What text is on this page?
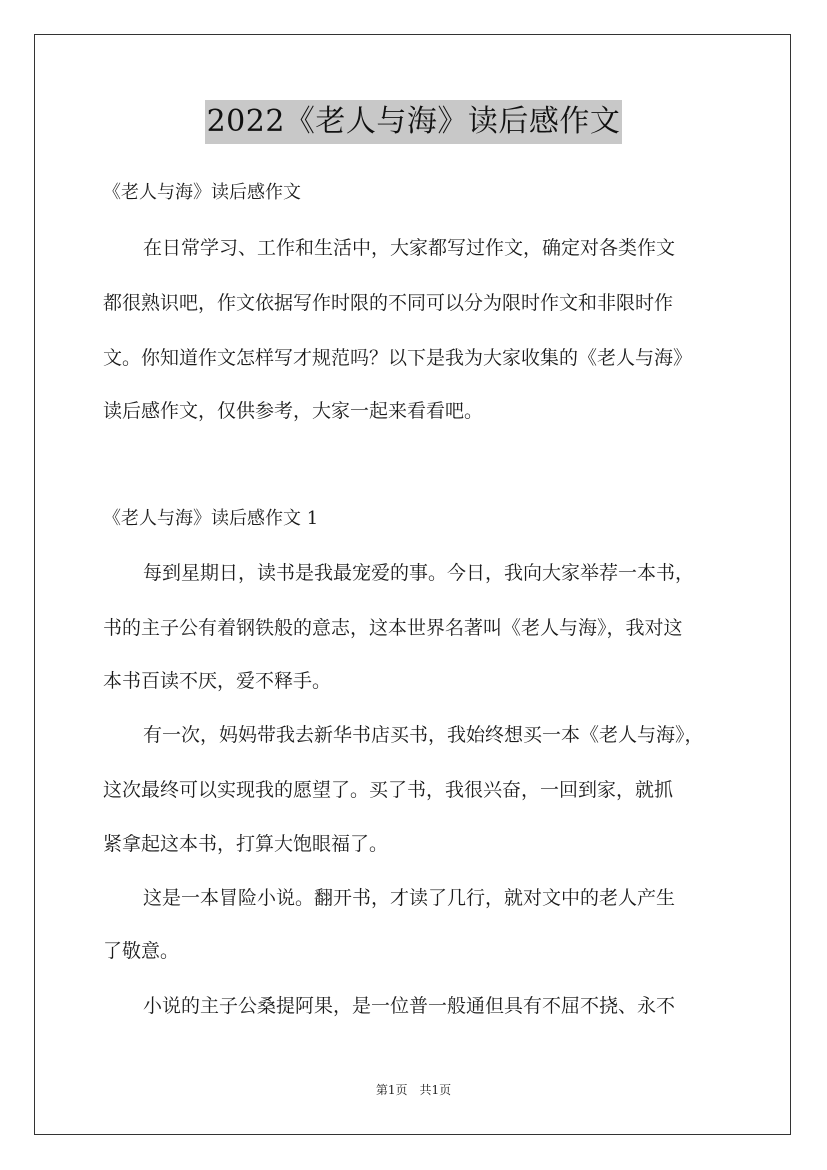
2022《老人与海》读后感作文
《老人与海》读后感作文
在日常学习、工作和生活中，大家都写过作文，确定对各类作文
都很熟识吧，作文依据写作时限的不同可以分为限时作文和非限时作
文。你知道作文怎样写才规范吗？以下是我为大家收集的《老人与海》
读后感作文，仅供参考，大家一起来看看吧。
《老人与海》读后感作文 1
每到星期日，读书是我最宠爱的事。今日，我向大家举荐一本书，
书的主子公有着钢铁般的意志，这本世界名著叫《老人与海》，我对这
本书百读不厌，爱不释手。
有一次，妈妈带我去新华书店买书，我始终想买一本《老人与海》，
这次最终可以实现我的愿望了。买了书，我很兴奋，一回到家，就抓
紧拿起这本书，打算大饱眼福了。
这是一本冒险小说。翻开书，才读了几行，就对文中的老人产生
了敬意。
小说的主子公桑提阿果，是一位普一般通但具有不屈不挠、永不
第1页　共1页
